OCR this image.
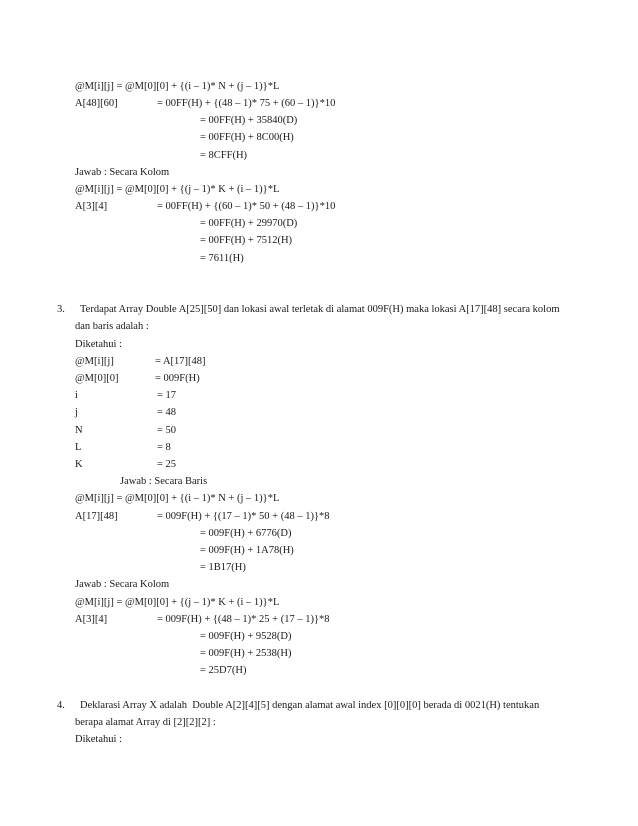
@M[i][j] = @M[0][0] + {(i – 1)* N + (j – 1)}*L
A[48][60]	= 00FF(H) + {(48 – 1)* 75 + (60 – 1)}*10
= 00FF(H) + 35840(D)
= 00FF(H) + 8C00(H)
= 8CFF(H)
Jawab : Secara Kolom
@M[i][j] = @M[0][0] + {(j – 1)* K + (i – 1)}*L
A[3][4]	= 00FF(H) + {(60 – 1)* 50 + (48 – 1)}*10
= 00FF(H) + 29970(D)
= 00FF(H) + 7512(H)
= 7611(H)
3. Terdapat Array Double A[25][50] dan lokasi awal terletak di alamat 009F(H) maka lokasi A[17][48] secara kolom
dan baris adalah :
Diketahui :
@M[i][j]	= A[17][48]
@M[0][0]	= 009F(H)
i	= 17
j	= 48
N	= 50
L	= 8
K	= 25
Jawab : Secara Baris
@M[i][j] = @M[0][0] + {(i – 1)* N + (j – 1)}*L
A[17][48]	= 009F(H) + {(17 – 1)* 50 + (48 – 1)}*8
= 009F(H) + 6776(D)
= 009F(H) + 1A78(H)
= 1B17(H)
Jawab : Secara Kolom
@M[i][j] = @M[0][0] + {(j – 1)* K + (i – 1)}*L
A[3][4]	= 009F(H) + {(48 – 1)* 25 + (17 – 1)}*8
= 009F(H) + 9528(D)
= 009F(H) + 2538(H)
= 25D7(H)
4. Deklarasi Array X adalah  Double A[2][4][5] dengan alamat awal index [0][0][0] berada di 0021(H) tentukan
berapa alamat Array di [2][2][2] :
Diketahui :
